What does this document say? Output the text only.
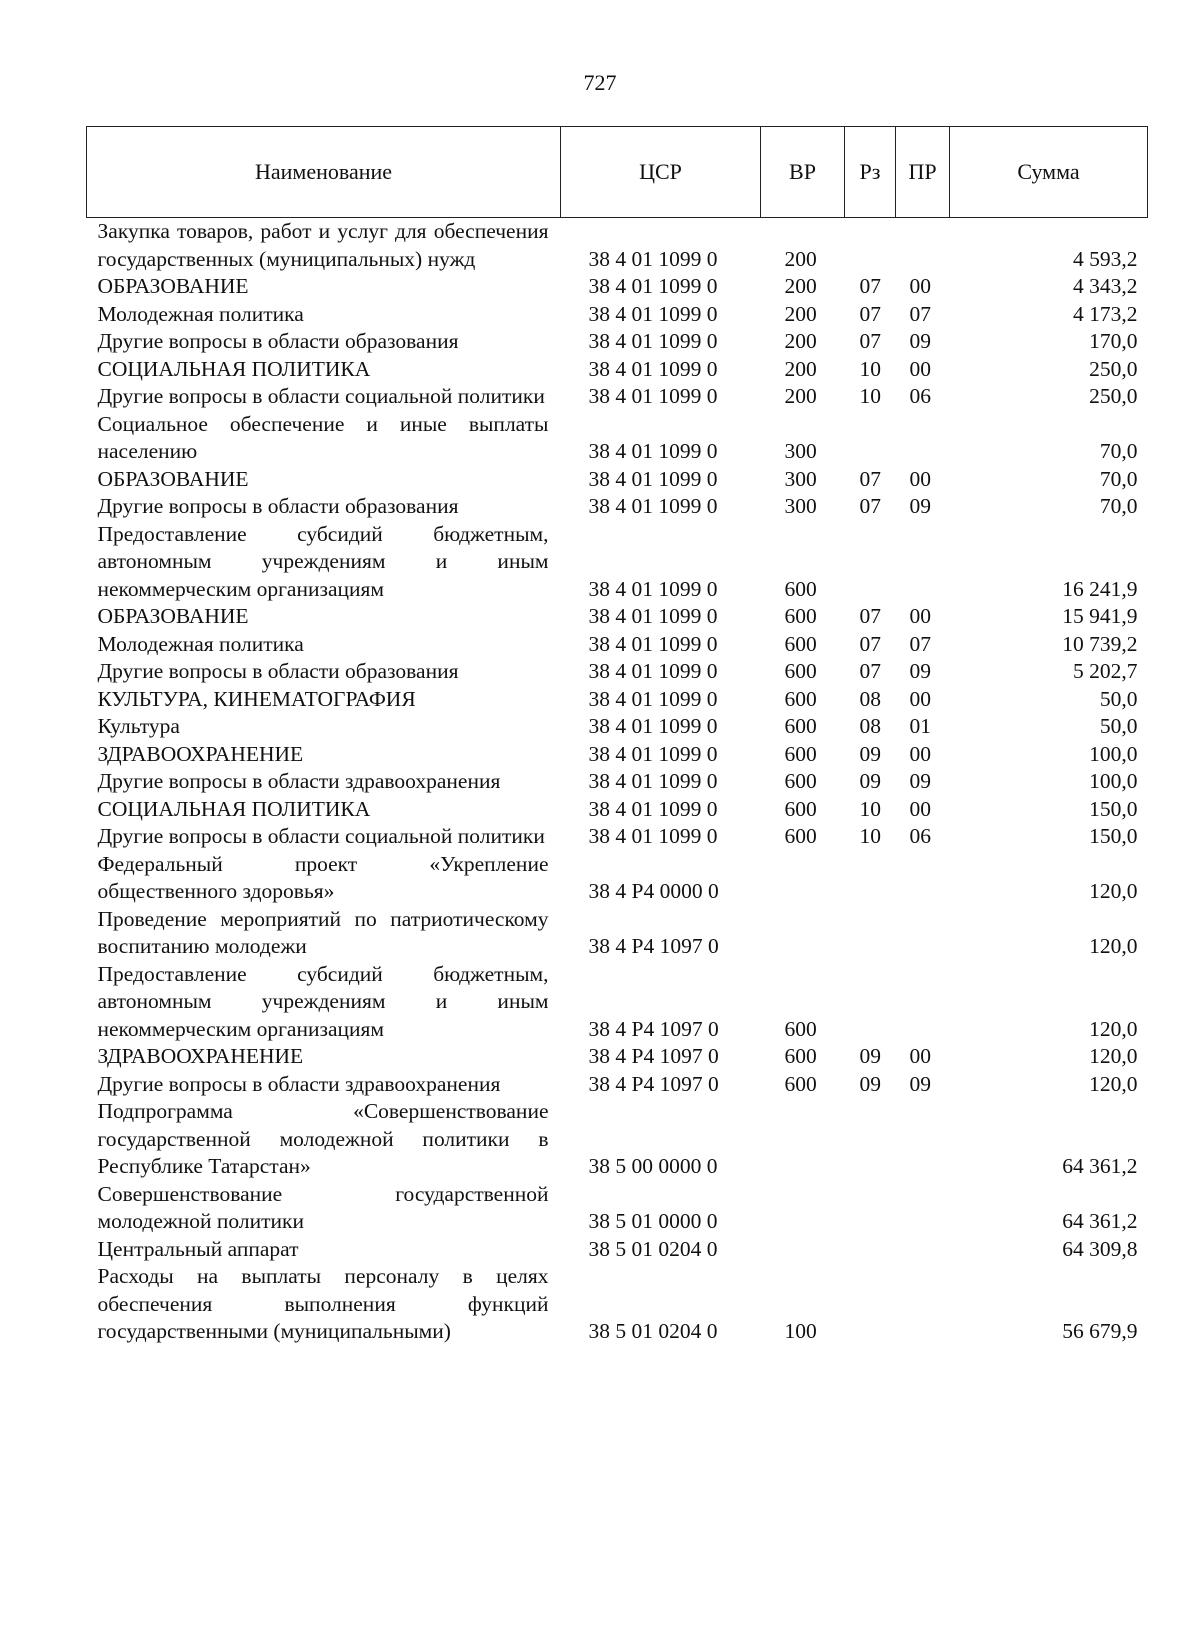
727
Наименование	ЦСР	ВР	Рз	ПР	Сумма
Закупка товаров, работ и услуг для обеспечения государственных (муниципальных) нужд	38 4 01 1099 0	200			4 593,2
ОБРАЗОВАНИЕ	38 4 01 1099 0	200	07	00	4 343,2
Молодежная политика	38 4 01 1099 0	200	07	07	4 173,2
Другие вопросы в области образования	38 4 01 1099 0	200	07	09	170,0
СОЦИАЛЬНАЯ ПОЛИТИКА	38 4 01 1099 0	200	10	00	250,0
Другие вопросы в области социальной политики	38 4 01 1099 0	200	10	06	250,0
Социальное обеспечение и иные выплаты населению	38 4 01 1099 0	300			70,0
ОБРАЗОВАНИЕ	38 4 01 1099 0	300	07	00	70,0
Другие вопросы в области образования	38 4 01 1099 0	300	07	09	70,0
Предоставление субсидий бюджетным, автономным учреждениям и иным некоммерческим организациям	38 4 01 1099 0	600			16 241,9
ОБРАЗОВАНИЕ	38 4 01 1099 0	600	07	00	15 941,9
Молодежная политика	38 4 01 1099 0	600	07	07	10 739,2
Другие вопросы в области образования	38 4 01 1099 0	600	07	09	5 202,7
КУЛЬТУРА, КИНЕМАТОГРАФИЯ	38 4 01 1099 0	600	08	00	50,0
Культура	38 4 01 1099 0	600	08	01	50,0
ЗДРАВООХРАНЕНИЕ	38 4 01 1099 0	600	09	00	100,0
Другие вопросы в области здравоохранения	38 4 01 1099 0	600	09	09	100,0
СОЦИАЛЬНАЯ ПОЛИТИКА	38 4 01 1099 0	600	10	00	150,0
Другие вопросы в области социальной политики	38 4 01 1099 0	600	10	06	150,0
Федеральный проект «Укрепление общественного здоровья»	38 4 P4 0000 0				120,0
Проведение мероприятий по патриотическому воспитанию молодежи	38 4 P4 1097 0				120,0
Предоставление субсидий бюджетным, автономным учреждениям и иным некоммерческим организациям	38 4 P4 1097 0	600			120,0
ЗДРАВООХРАНЕНИЕ	38 4 P4 1097 0	600	09	00	120,0
Другие вопросы в области здравоохранения	38 4 P4 1097 0	600	09	09	120,0
Подпрограмма «Совершенствование государственной молодежной политики в Республике Татарстан»	38 5 00 0000 0				64 361,2
Совершенствование государственной молодежной политики	38 5 01 0000 0				64 361,2
Центральный аппарат	38 5 01 0204 0				64 309,8
Расходы на выплаты персоналу в целях обеспечения выполнения функций государственными (муниципальными)	38 5 01 0204 0	100			56 679,9
